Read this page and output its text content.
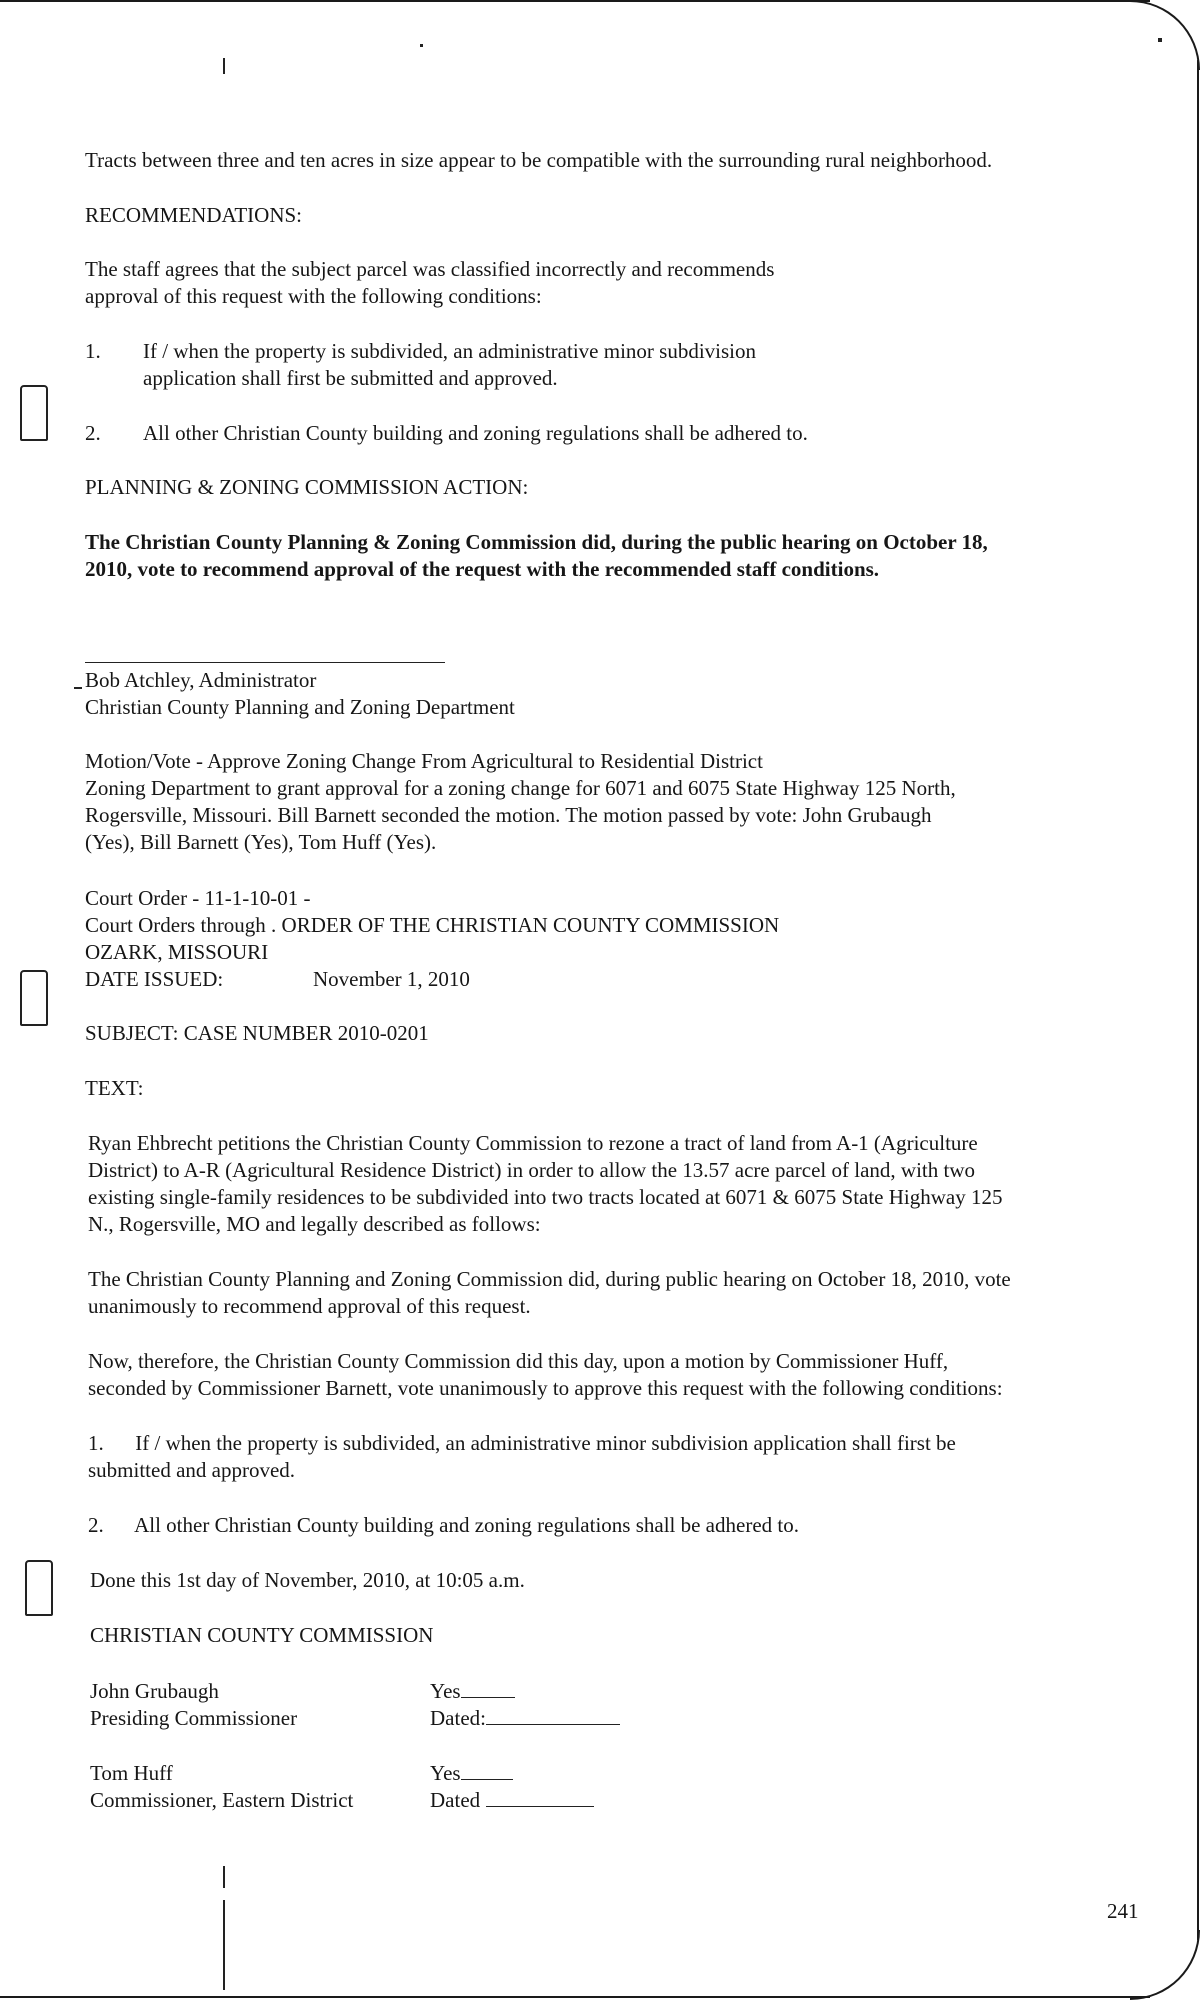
Tracts between three and ten acres in size appear to be compatible with the surrounding rural neighborhood.
RECOMMENDATIONS:
The staff agrees that the subject parcel was classified incorrectly and recommends
approval of this request with the following conditions:
1. If / when the property is subdivided, an administrative minor subdivision
application shall first be submitted and approved.
2. All other Christian County building and zoning regulations shall be adhered to.
PLANNING & ZONING COMMISSION ACTION:
The Christian County Planning & Zoning Commission did, during the public hearing on October 18,
2010, vote to recommend approval of the request with the recommended staff conditions.
Bob Atchley, Administrator
Christian County Planning and Zoning Department
Motion/Vote - Approve Zoning Change From Agricultural to Residential District
Zoning Department to grant approval for a zoning change for 6071 and 6075 State Highway 125 North,
Rogersville, Missouri. Bill Barnett seconded the motion. The motion passed by vote: John Grubaugh
(Yes), Bill Barnett (Yes), Tom Huff (Yes).
Court Order - 11-1-10-01 -
Court Orders through . ORDER OF THE CHRISTIAN COUNTY COMMISSION
OZARK, MISSOURI
DATE ISSUED:	November 1, 2010
SUBJECT: CASE NUMBER 2010-0201
TEXT:
Ryan Ehbrecht petitions the Christian County Commission to rezone a tract of land from A-1 (Agriculture
District) to A-R (Agricultural Residence District) in order to allow the 13.57 acre parcel of land, with two
existing single-family residences to be subdivided into two tracts located at 6071 & 6075 State Highway 125
N., Rogersville, MO and legally described as follows:
The Christian County Planning and Zoning Commission did, during public hearing on October 18, 2010, vote
unanimously to recommend approval of this request.
Now, therefore, the Christian County Commission did this day, upon a motion by Commissioner Huff,
seconded by Commissioner Barnett, vote unanimously to approve this request with the following conditions:
1.      If / when the property is subdivided, an administrative minor subdivision application shall first be
submitted and approved.
2.      All other Christian County building and zoning regulations shall be adhered to.
Done this 1st day of November, 2010, at 10:05 a.m.
CHRISTIAN COUNTY COMMISSION
John Grubaugh
Presiding Commissioner
Yes
Dated:
Tom Huff
Commissioner, Eastern District
Yes
Dated
241
